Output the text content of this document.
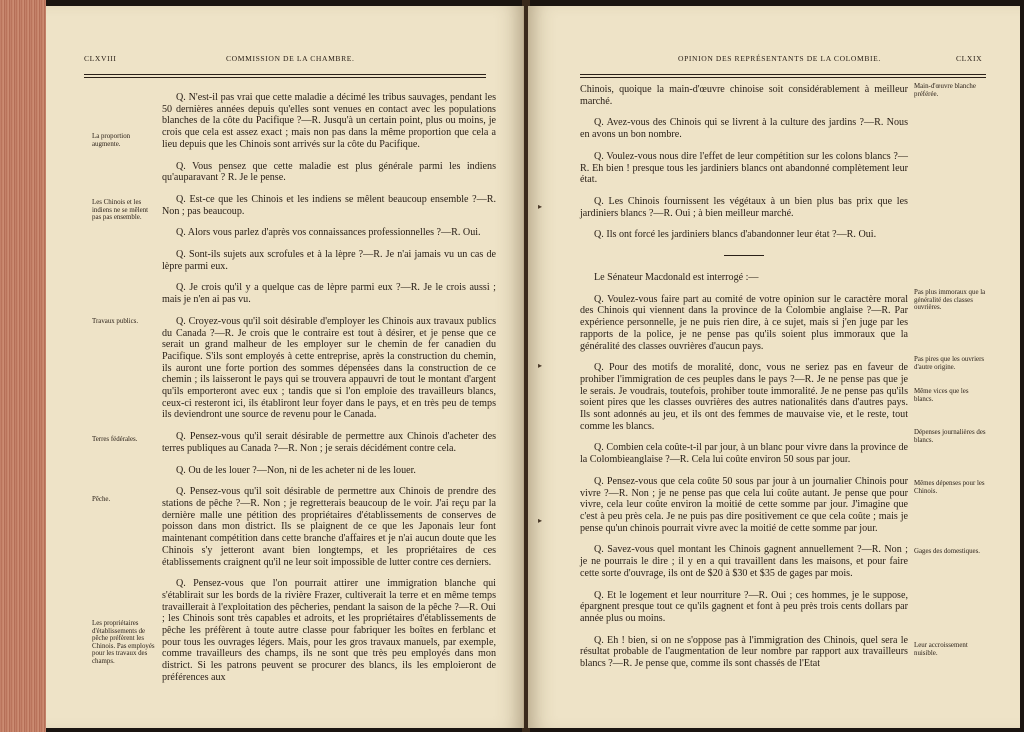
CLXVIII	COMMISSION DE LA CHAMBRE.
La proportion augmente.
Les Chinois et les indiens ne se mêlent pas pas ensemble.
Travaux publics.
Terres fédérales.
Pêche.
Les propriétaires d'établissements de pêche préfèrent les Chinois. Pas employés pour les travaux des champs.

Q. N'est-il pas vrai que cette maladie a décimé les tribus sauvages, pendant les 50 dernières années depuis qu'elles sont venues en contact avec les populations blanches de la côte du Pacifique ?—R. Jusqu'à un certain point, plus ou moins, je crois que cela est assez exact ; mais non pas dans la même proportion que cela a lieu depuis que les Chinois sont arrivés sur la côte du Pacifique.

Q. Vous pensez que cette maladie est plus générale parmi les indiens qu'auparavant ? R. Je le pense.

Q. Est-ce que les Chinois et les indiens se mêlent beaucoup ensemble ?—R. Non ; pas beaucoup.

Q. Alors vous parlez d'après vos connaissances professionnelles ?—R. Oui.

Q. Sont-ils sujets aux scrofules et à la lèpre ?—R. Je n'ai jamais vu un cas de lèpre parmi eux.

Q. Je crois qu'il y a quelque cas de lèpre parmi eux ?—R. Je le crois aussi ; mais je n'en ai pas vu.

Q. Croyez-vous qu'il soit désirable d'employer les Chinois aux travaux publics du Canada ?—R. Je crois que le contraire est tout à désirer, et je pense que ce serait un grand malheur de les employer sur le chemin de fer canadien du Pacifique. S'ils sont employés à cette entreprise, après la construction du chemin, ils auront une forte portion des sommes dépensées dans la construction de ce chemin ; ils laisseront le pays qui se trouvera appauvri de tout le montant d'argent qu'ils emporteront avec eux ; tandis que si l'on emploie des travailleurs blancs, ceux-ci resteront ici, ils établiront leur foyer dans le pays, et en très peu de temps ils deviendront une source de revenu pour le Canada.

Q. Pensez-vous qu'il serait désirable de permettre aux Chinois d'acheter des terres publiques au Canada ?—R. Non ; je serais décidément contre cela.

Q. Ou de les louer ?—Non, ni de les acheter ni de les louer.

Q. Pensez-vous qu'il soit désirable de permettre aux Chinois de prendre des stations de pêche ?—R. Non ; je regretterais beaucoup de le voir. J'ai reçu par la dernière malle une pétition des propriétaires d'établissements de conserves de poisson dans mon district. Ils se plaignent de ce que les Japonais leur font maintenant compétition dans cette branche d'affaires et je n'ai aucun doute que les Chinois s'y jetteront avant bien longtemps, et les propriétaires de ces établissements craignent qu'il ne leur soit impossible de lutter contre ces derniers.

Q. Pensez-vous que l'on pourrait attirer une immigration blanche qui s'établirait sur les bords de la rivière Frazer, cultiverait la terre et en même temps travaillerait à l'exploitation des pêcheries, pendant la saison de la pêche ?—R. Oui ; les Chinois sont très capables et adroits, et les propriétaires d'établissements de pêche les préfèrent à toute autre classe pour fabriquer les boîtes en ferblanc et pour tous les ouvrages légers. Mais, pour les gros travaux manuels, par exemple, comme travailleurs des champs, ils ne sont que très peu employés dans mon district. Si les patrons peuvent se procurer des blancs, ils les emploieront de préférences aux

OPINION DES REPRÉSENTANTS DE LA COLOMBIE.	CLXIX
▸
▸
▸
Main-d'œuvre blanche préférée.
Pas plus immoraux que la généralité des classes ouvrières.
Pas pires que les ouvriers d'autre origine.
Même vices que les blancs.
Dépenses journalières des blancs.
Mêmes dépenses pour les Chinois.
Gages des domestiques.
Leur accroissement nuisible.

Chinois, quoique la main-d'œuvre chinoise soit considérablement à meilleur marché.

Q. Avez-vous des Chinois qui se livrent à la culture des jardins ?—R. Nous en avons un bon nombre.

Q. Voulez-vous nous dire l'effet de leur compétition sur les colons blancs ?—R. Eh bien ! presque tous les jardiniers blancs ont abandonné complètement leur état.

Q. Les Chinois fournissent les végétaux à un bien plus bas prix que les jardiniers blancs ?—R. Oui ; à bien meilleur marché.

Q. Ils ont forcé les jardiniers blancs d'abandonner leur état ?—R. Oui.

Le Sénateur Macdonald est interrogé :—

Q. Voulez-vous faire part au comité de votre opinion sur le caractère moral des Chinois qui viennent dans la province de la Colombie anglaise ?—R. Par expérience personnelle, je ne puis rien dire, à ce sujet, mais si j'en juge par les rapports de la police, je ne pense pas qu'ils soient plus immoraux que la généralité des classes ouvrières d'aucun pays.

Q. Pour des motifs de moralité, donc, vous ne seriez pas en faveur de prohiber l'immigration de ces peuples dans le pays ?—R. Je ne pense pas que je le serais. Je voudrais, toutefois, prohiber toute immoralité. Je ne pense pas qu'ils soient pires que les classes ouvrières des autres nationalités dans d'autres pays. Ils sont adonnés au jeu, et ils ont des femmes de mauvaise vie, et le reste, tout comme les blancs.

Q. Combien cela coûte-t-il par jour, à un blanc pour vivre dans la province de la Colombieanglaise ?—R. Cela lui coûte environ 50 sous par jour.

Q. Pensez-vous que cela coûte 50 sous par jour à un journalier Chinois pour vivre ?—R. Non ; je ne pense pas que cela lui coûte autant. Je pense que pour vivre, cela leur coûte environ la moitié de cette somme par jour. J'imagine que c'est à peu près cela. Je ne puis pas dire positivement ce que cela coûte ; mais je pense qu'un chinois pourrait vivre avec la moitié de cette somme par jour.

Q. Savez-vous quel montant les Chinois gagnent annuellement ?—R. Non ; je ne pourrais le dire ; il y en a qui travaillent dans les maisons, et pour faire cette sorte d'ouvrage, ils ont de $20 à $30 et $35 de gages par mois.

Q. Et le logement et leur nourriture ?—R. Oui ; ces hommes, je le suppose, épargnent presque tout ce qu'ils gagnent et font à peu près trois cents dollars par année plus ou moins.

Q. Eh ! bien, si on ne s'oppose pas à l'immigration des Chinois, quel sera le résultat probable de l'augmentation de leur nombre par rapport aux travailleurs blancs ?—R. Je pense que, comme ils sont chassés de l'Etat
